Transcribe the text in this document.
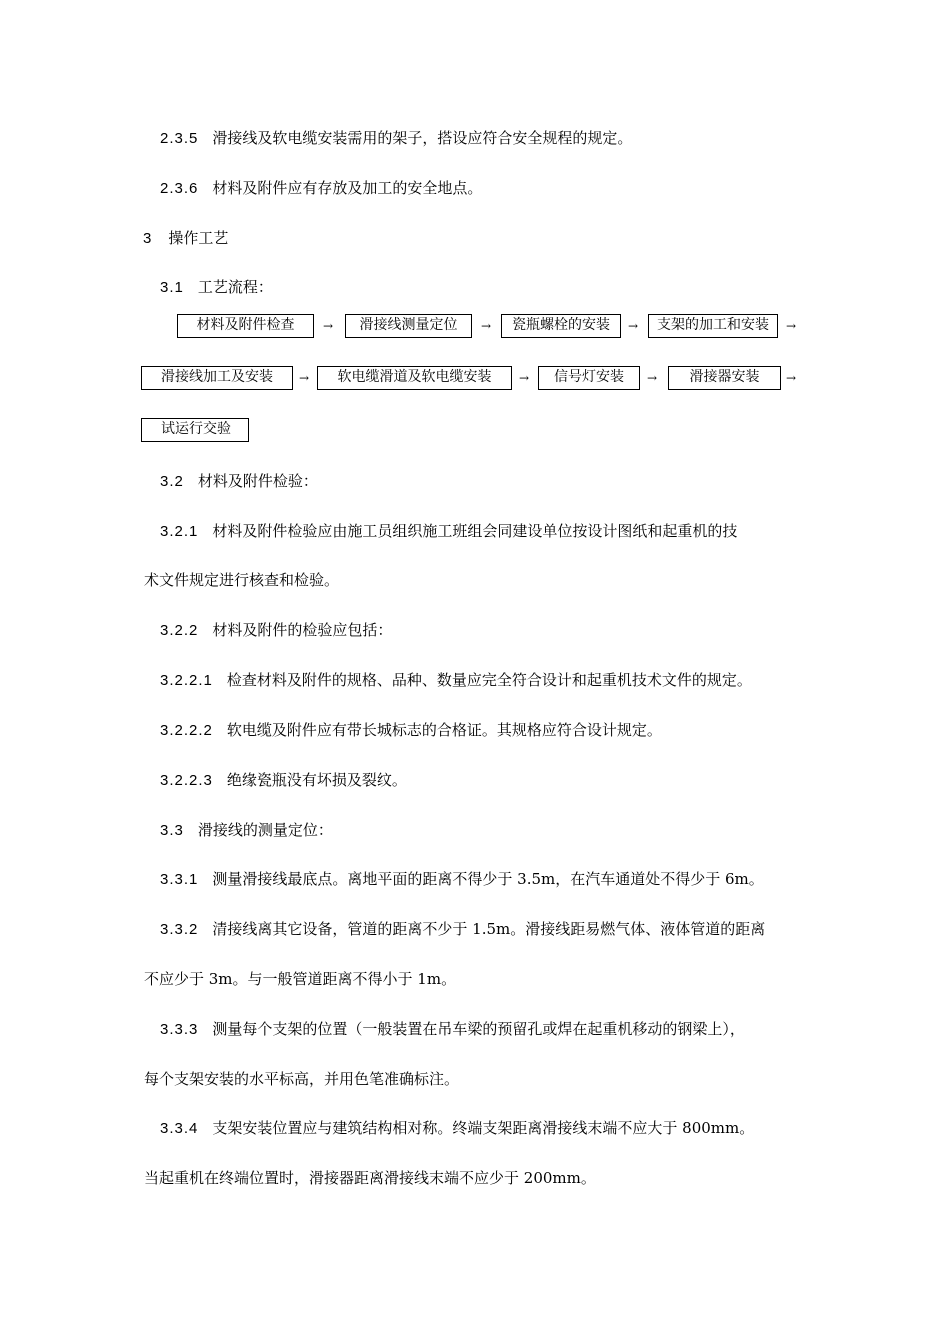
2.3.5 滑接线及软电缆安装需用的架子，搭设应符合安全规程的规定。
2.3.6 材料及附件应有存放及加工的安全地点。
3 操作工艺
3.1 工艺流程：
材料及附件检查	→	滑接线测量定位	→	瓷瓶螺栓的安装	→	支架的加工和安装	→
滑接线加工及安装	→	软电缆滑道及软电缆安装	→	信号灯安装	→	滑接器安装	→
试运行交验
3.2 材料及附件检验：
3.2.1 材料及附件检验应由施工员组织施工班组会同建设单位按设计图纸和起重机的技
术文件规定进行核查和检验。
3.2.2 材料及附件的检验应包括：
3.2.2.1 检查材料及附件的规格、品种、数量应完全符合设计和起重机技术文件的规定。
3.2.2.2 软电缆及附件应有带长城标志的合格证。其规格应符合设计规定。
3.2.2.3 绝缘瓷瓶没有坏损及裂纹。
3.3 滑接线的测量定位：
3.3.1 测量滑接线最底点。离地平面的距离不得少于 3.5m，在汽车通道处不得少于 6m。
3.3.2 清接线离其它设备，管道的距离不少于 1.5m。滑接线距易燃气体、液体管道的距离
不应少于 3m。与一般管道距离不得小于 1m。
3.3.3 测量每个支架的位置（一般装置在吊车梁的预留孔或焊在起重机移动的钢梁上），
每个支架安装的水平标高，并用色笔准确标注。
3.3.4 支架安装位置应与建筑结构相对称。终端支架距离滑接线末端不应大于 800mm。
当起重机在终端位置时，滑接器距离滑接线末端不应少于 200mm。
